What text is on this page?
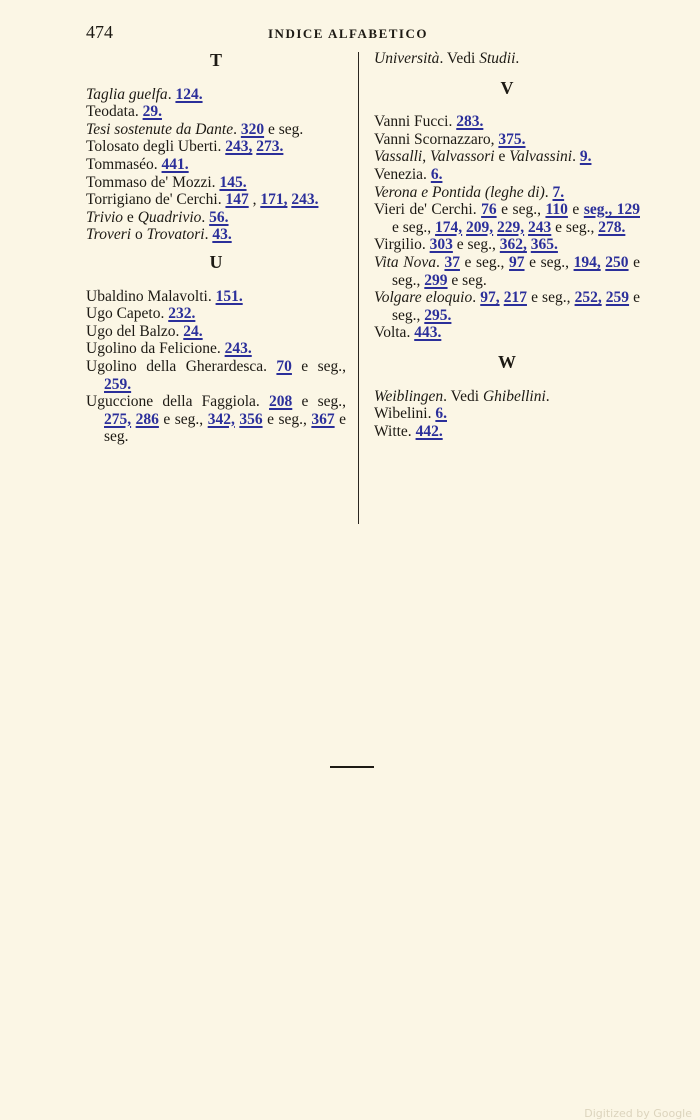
474	INDICE ALFABETICO
T

Taglia guelfa. 124.

Teodata. 29.

Tesi sostenute da Dante. 320 e seg.

Tolosato degli Uberti. 243, 273.

Tommaséo. 441.

Tommaso de' Mozzi. 145.

Torrigiano de' Cerchi. 147 , 171, 243.

Trivio e Quadrivio. 56.

Troveri o Trovatori. 43.

U

Ubaldino Malavolti. 151.

Ugo Capeto. 232.

Ugo del Balzo. 24.

Ugolino da Felicione. 243.

Ugolino della Gherardesca. 70 e seg., 259.

Uguccione della Faggiola. 208 e seg., 275, 286 e seg., 342, 356 e seg., 367 e seg.

Università. Vedi Studii.

V

Vanni Fucci. 283.

Vanni Scornazzaro, 375.

Vassalli, Valvassori e Valvassini. 9.

Venezia. 6.

Verona e Pontida (leghe di). 7.

Vieri de' Cerchi. 76 e seg., 110 e seg., 129 e seg., 174, 209, 229, 243 e seg., 278.

Virgilio. 303 e seg., 362, 365.

Vita Nova. 37 e seg., 97 e seg., 194, 250 e seg., 299 e seg.

Volgare eloquio. 97, 217 e seg., 252, 259 e seg., 295.

Volta. 443.

W

Weiblingen. Vedi Ghibellini.

Wibelini. 6.

Witte. 442.

Digitized by Google
